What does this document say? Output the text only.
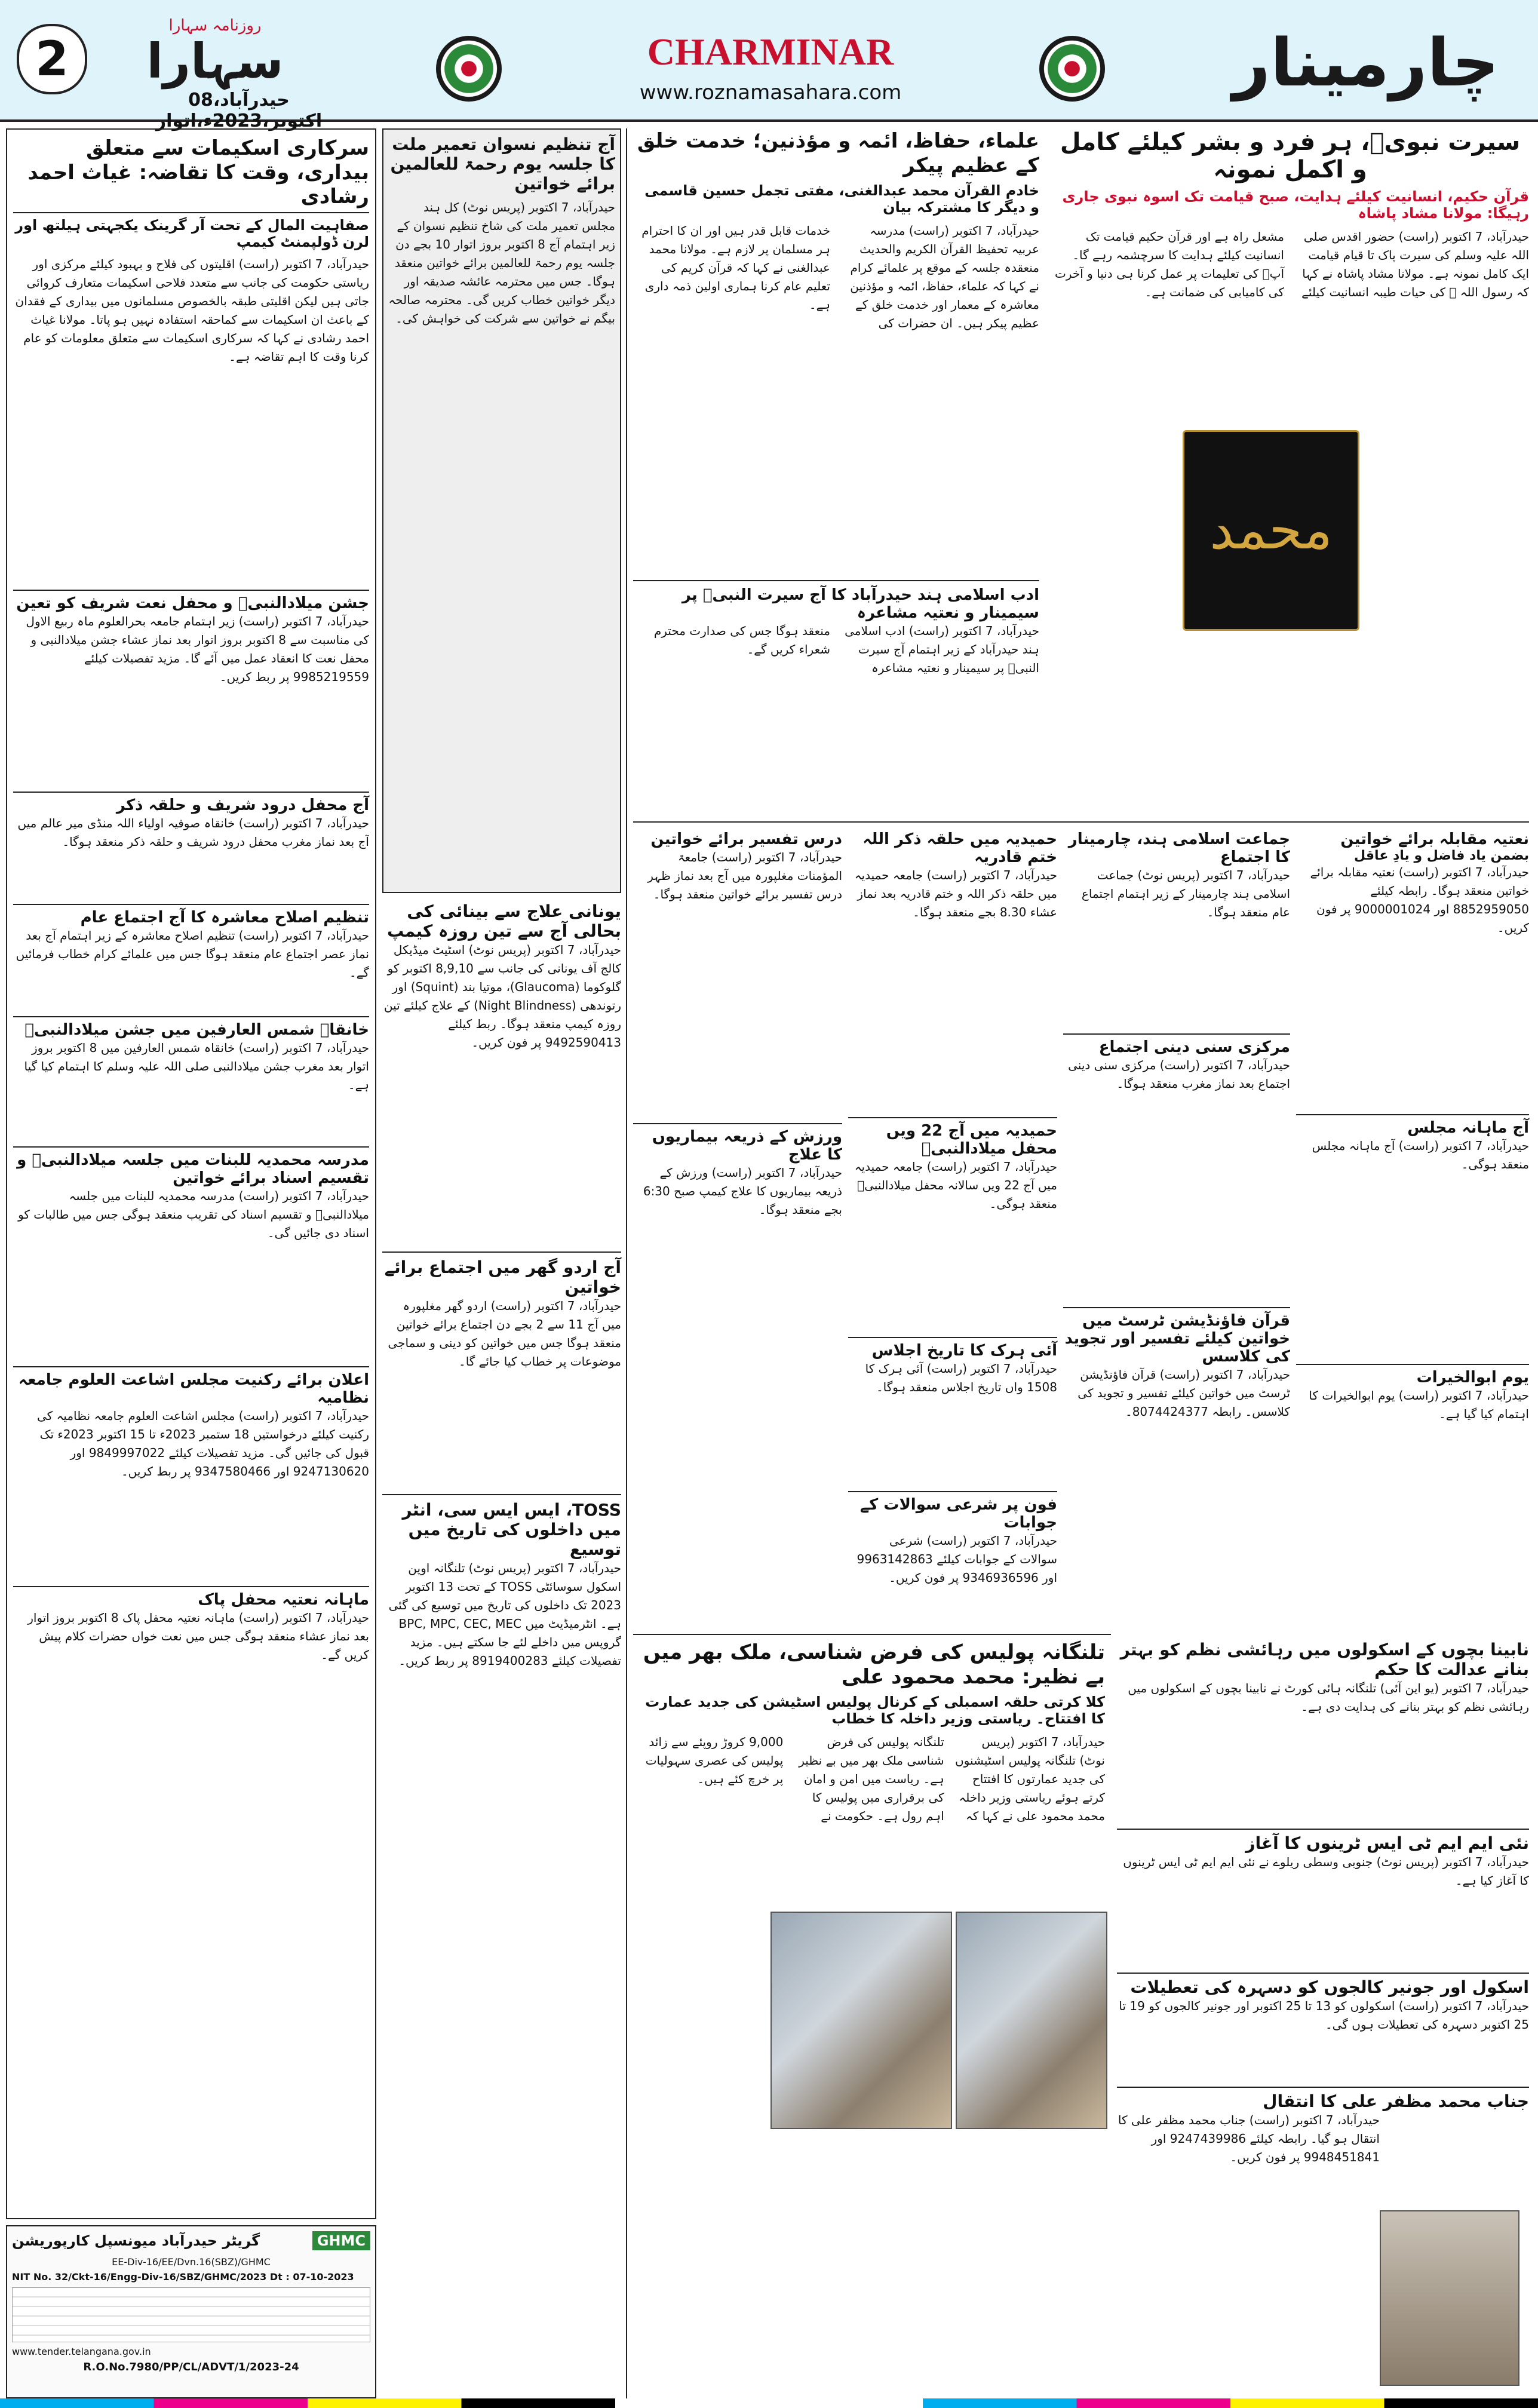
2
روزنامہ سہارا
سہارا
حیدرآباد،08 اکتوبر،2023ء،اتوار
CHARMINAR
www.roznamasahara.com	چارمینار
سرکاری اسکیمات سے متعلق بیداری، وقت کا تقاضہ: غیاث احمد رشادی
صفاہیت المال کے تحت آر گرینک یکجہتی ہیلتھ اور لرن ڈولپمنٹ کیمپ
حیدرآباد، 7 اکتوبر (راست) اقلیتوں کی فلاح و بہبود کیلئے مرکزی اور ریاستی حکومت کی جانب سے متعدد فلاحی اسکیمات متعارف کروائی جاتی ہیں لیکن اقلیتی طبقہ بالخصوص مسلمانوں میں بیداری کے فقدان کے باعث ان اسکیمات سے کماحقہ استفادہ نہیں ہو پاتا۔ مولانا غیاث احمد رشادی نے کہا کہ سرکاری اسکیمات سے متعلق معلومات کو عام کرنا وقت کا اہم تقاضہ ہے۔
جشن میلادالنبیؐ و محفل نعت شریف کو تعین
حیدرآباد، 7 اکتوبر (راست) زیر اہتمام جامعہ بحرالعلوم ماہ ربیع الاول کی مناسبت سے 8 اکتوبر بروز اتوار بعد نماز عشاء جشن میلادالنبی و محفل نعت کا انعقاد عمل میں آئے گا۔ مزید تفصیلات کیلئے 9985219559 پر ربط کریں۔
آج محفل درود شریف و حلقہ ذکر
حیدرآباد، 7 اکتوبر (راست) خانقاہ صوفیہ اولیاء اللہ منڈی میر عالم میں آج بعد نماز مغرب محفل درود شریف و حلقہ ذکر منعقد ہوگا۔
تنظیم اصلاح معاشرہ کا آج اجتماع عام
حیدرآباد، 7 اکتوبر (راست) تنظیم اصلاح معاشرہ کے زیر اہتمام آج بعد نماز عصر اجتماع عام منعقد ہوگا جس میں علمائے کرام خطاب فرمائیں گے۔
خانقاہ شمس العارفین میں جشن میلادالنبیؐ
حیدرآباد، 7 اکتوبر (راست) خانقاہ شمس العارفین میں 8 اکتوبر بروز اتوار بعد مغرب جشن میلادالنبی صلی اللہ علیہ وسلم کا اہتمام کیا گیا ہے۔
مدرسہ محمدیہ للبنات میں جلسہ میلادالنبیؐ و تقسیم اسناد برائے خواتین
حیدرآباد، 7 اکتوبر (راست) مدرسہ محمدیہ للبنات میں جلسہ میلادالنبیؐ و تقسیم اسناد کی تقریب منعقد ہوگی جس میں طالبات کو اسناد دی جائیں گی۔
اعلان برائے رکنیت مجلس اشاعت العلوم جامعہ نظامیہ
حیدرآباد، 7 اکتوبر (راست) مجلس اشاعت العلوم جامعہ نظامیہ کی رکنیت کیلئے درخواستیں 18 ستمبر 2023ء تا 15 اکتوبر 2023ء تک قبول کی جائیں گی۔ مزید تفصیلات کیلئے 9849997022 اور 9247130620 اور 9347580466 پر ربط کریں۔
ماہانہ نعتیہ محفل پاک
حیدرآباد، 7 اکتوبر (راست) ماہانہ نعتیہ محفل پاک 8 اکتوبر بروز اتوار بعد نماز عشاء منعقد ہوگی جس میں نعت خواں حضرات کلام پیش کریں گے۔
GHMC
گریٹر حیدرآباد میونسپل کارپوریشن
EE-Div-16/EE/Dvn.16(SBZ)/GHMC
NIT No. 32/Ckt-16/Engg-Div-16/SBZ/GHMC/2023 Dt : 07-10-2023
www.tender.telangana.gov.in
R.O.No.7980/PP/CL/ADVT/1/2023-24
آج تنظیم نسوان تعمیر ملت کا جلسہ یوم رحمۃ للعالمین برائے خواتین
حیدرآباد، 7 اکتوبر (پریس نوٹ) کل ہند مجلس تعمیر ملت کی شاخ تنظیم نسوان کے زیر اہتمام آج 8 اکتوبر بروز اتوار 10 بجے دن جلسہ یوم رحمۃ للعالمین برائے خواتین منعقد ہوگا۔ جس میں محترمہ عائشہ صدیقہ اور دیگر خواتین خطاب کریں گی۔ محترمہ صالحہ بیگم نے خواتین سے شرکت کی خواہش کی۔
یونانی علاج سے بینائی کی بحالی آج سے تین روزہ کیمپ
حیدرآباد، 7 اکتوبر (پریس نوٹ) اسٹیٹ میڈیکل کالج آف یونانی کی جانب سے 8,9,10 اکتوبر کو گلوکوما (Glaucoma)، موتیا بند (Squint) اور رتوندھی (Night Blindness) کے علاج کیلئے تین روزہ کیمپ منعقد ہوگا۔ ربط کیلئے 9492590413 پر فون کریں۔
آج اردو گھر میں اجتماع برائے خواتین
حیدرآباد، 7 اکتوبر (راست) اردو گھر مغلپورہ میں آج 11 سے 2 بجے دن اجتماع برائے خواتین منعقد ہوگا جس میں خواتین کو دینی و سماجی موضوعات پر خطاب کیا جائے گا۔
TOSS، ایس ایس سی، انٹر میں داخلوں کی تاریخ میں توسیع
حیدرآباد، 7 اکتوبر (پریس نوٹ) تلنگانہ اوپن اسکول سوسائٹی TOSS کے تحت 13 اکتوبر 2023 تک داخلوں کی تاریخ میں توسیع کی گئی ہے۔ انٹرمیڈیٹ میں BPC, MPC, CEC, MEC گروپس میں داخلے لئے جا سکتے ہیں۔ مزید تفصیلات کیلئے 8919400283 پر ربط کریں۔
علماء، حفاظ، ائمہ و مؤذنین؛ خدمت خلق کے عظیم پیکر
خادم القرآن محمد عبدالغنی، مفتی تجمل حسین قاسمی و دیگر کا مشترکہ بیان
حیدرآباد، 7 اکتوبر (راست) مدرسہ عربیہ تحفیظ القرآن الکریم والحدیث منعقدہ جلسہ کے موقع پر علمائے کرام نے کہا کہ علماء، حفاظ، ائمہ و مؤذنین معاشرہ کے معمار اور خدمت خلق کے عظیم پیکر ہیں۔ ان حضرات کی خدمات قابل قدر ہیں اور ان کا احترام ہر مسلمان پر لازم ہے۔ مولانا محمد عبدالغنی نے کہا کہ قرآن کریم کی تعلیم عام کرنا ہماری اولین ذمہ داری ہے۔
ادب اسلامی ہند حیدرآباد کا آج سیرت النبیؐ پر سیمینار و نعتیہ مشاعرہ
حیدرآباد، 7 اکتوبر (راست) ادب اسلامی ہند حیدرآباد کے زیر اہتمام آج سیرت النبیؐ پر سیمینار و نعتیہ مشاعرہ منعقد ہوگا جس کی صدارت محترم شعراء کریں گے۔
سیرت نبویؐ، ہر فرد و بشر کیلئے کامل و اکمل نمونہ
قرآن حکیم، انسانیت کیلئے ہدایت، صبح قیامت تک اسوہ نبوی جاری رہیگا: مولانا مشاد پاشاہ
حیدرآباد، 7 اکتوبر (راست) حضور اقدس صلی اللہ علیہ وسلم کی سیرت پاک تا قیام قیامت ایک کامل نمونہ ہے۔ مولانا مشاد پاشاہ نے کہا کہ رسول اللہ ﷺ کی حیات طیبہ انسانیت کیلئے مشعل راہ ہے اور قرآن حکیم قیامت تک انسانیت کیلئے ہدایت کا سرچشمہ رہے گا۔ آپؐ کی تعلیمات پر عمل کرنا ہی دنیا و آخرت کی کامیابی کی ضمانت ہے۔
محمد
درس تفسیر برائے خواتین
حیدرآباد، 7 اکتوبر (راست) جامعۃ المؤمنات مغلپورہ میں آج بعد نماز ظہر درس تفسیر برائے خواتین منعقد ہوگا۔
ورزش کے ذریعہ بیماریوں کا علاج
حیدرآباد، 7 اکتوبر (راست) ورزش کے ذریعہ بیماریوں کا علاج کیمپ صبح 6:30 بجے منعقد ہوگا۔
حمیدیہ میں حلقہ ذکر اللہ ختم قادریہ
حیدرآباد، 7 اکتوبر (راست) جامعہ حمیدیہ میں حلقہ ذکر اللہ و ختم قادریہ بعد نماز عشاء 8.30 بجے منعقد ہوگا۔
حمیدیہ میں آج 22 ویں محفل میلادالنبیؐ
حیدرآباد، 7 اکتوبر (راست) جامعہ حمیدیہ میں آج 22 ویں سالانہ محفل میلادالنبیؐ منعقد ہوگی۔
آئی ہرک کا تاریخ اجلاس
حیدرآباد، 7 اکتوبر (راست) آئی ہرک کا 1508 واں تاریخ اجلاس منعقد ہوگا۔
فون پر شرعی سوالات کے جوابات
حیدرآباد، 7 اکتوبر (راست) شرعی سوالات کے جوابات کیلئے 9963142863 اور 9346936596 پر فون کریں۔
جماعت اسلامی ہند، چارمینار کا اجتماع
حیدرآباد، 7 اکتوبر (پریس نوٹ) جماعت اسلامی ہند چارمینار کے زیر اہتمام اجتماع عام منعقد ہوگا۔
مرکزی سنی دینی اجتماع
حیدرآباد، 7 اکتوبر (راست) مرکزی سنی دینی اجتماع بعد نماز مغرب منعقد ہوگا۔
قرآن فاؤنڈیشن ٹرسٹ میں خواتین کیلئے تفسیر اور تجوید کی کلاسس
حیدرآباد، 7 اکتوبر (راست) قرآن فاؤنڈیشن ٹرسٹ میں خواتین کیلئے تفسیر و تجوید کی کلاسس۔ رابطہ 8074424377۔
نعتیہ مقابلہ برائے خواتین
بضمن یاد فاضل و یادِ عاقل
حیدرآباد، 7 اکتوبر (راست) نعتیہ مقابلہ برائے خواتین منعقد ہوگا۔ رابطہ کیلئے 8852959050 اور 9000001024 پر فون کریں۔
آج ماہانہ مجلس
حیدرآباد، 7 اکتوبر (راست) آج ماہانہ مجلس منعقد ہوگی۔
یوم ابوالخیرات
حیدرآباد، 7 اکتوبر (راست) یوم ابوالخیرات کا اہتمام کیا گیا ہے۔
تلنگانہ پولیس کی فرض شناسی، ملک بھر میں بے نظیر: محمد محمود علی
کلا کرتی حلقہ اسمبلی کے کرنال پولیس اسٹیشن کی جدید عمارت کا افتتاح۔ ریاستی وزیر داخلہ کا خطاب
حیدرآباد، 7 اکتوبر (پریس نوٹ) تلنگانہ پولیس اسٹیشنوں کی جدید عمارتوں کا افتتاح کرتے ہوئے ریاستی وزیر داخلہ محمد محمود علی نے کہا کہ تلنگانہ پولیس کی فرض شناسی ملک بھر میں بے نظیر ہے۔ ریاست میں امن و امان کی برقراری میں پولیس کا اہم رول ہے۔ حکومت نے 9,000 کروڑ روپئے سے زائد پولیس کی عصری سہولیات پر خرچ کئے ہیں۔
نابینا بچوں کے اسکولوں میں رہائشی نظم کو بہتر بنانے عدالت کا حکم
حیدرآباد، 7 اکتوبر (یو این آئی) تلنگانہ ہائی کورٹ نے نابینا بچوں کے اسکولوں میں رہائشی نظم کو بہتر بنانے کی ہدایت دی ہے۔
نئی ایم ایم ٹی ایس ٹرینوں کا آغاز
حیدرآباد، 7 اکتوبر (پریس نوٹ) جنوبی وسطی ریلوے نے نئی ایم ایم ٹی ایس ٹرینوں کا آغاز کیا ہے۔
اسکول اور جونیر کالجوں کو دسہرہ کی تعطیلات
حیدرآباد، 7 اکتوبر (راست) اسکولوں کو 13 تا 25 اکتوبر اور جونیر کالجوں کو 19 تا 25 اکتوبر دسہرہ کی تعطیلات ہوں گی۔
جناب محمد مظفر علی کا انتقال
حیدرآباد، 7 اکتوبر (راست) جناب محمد مظفر علی کا انتقال ہو گیا۔ رابطہ کیلئے 9247439986 اور 9948451841 پر فون کریں۔
